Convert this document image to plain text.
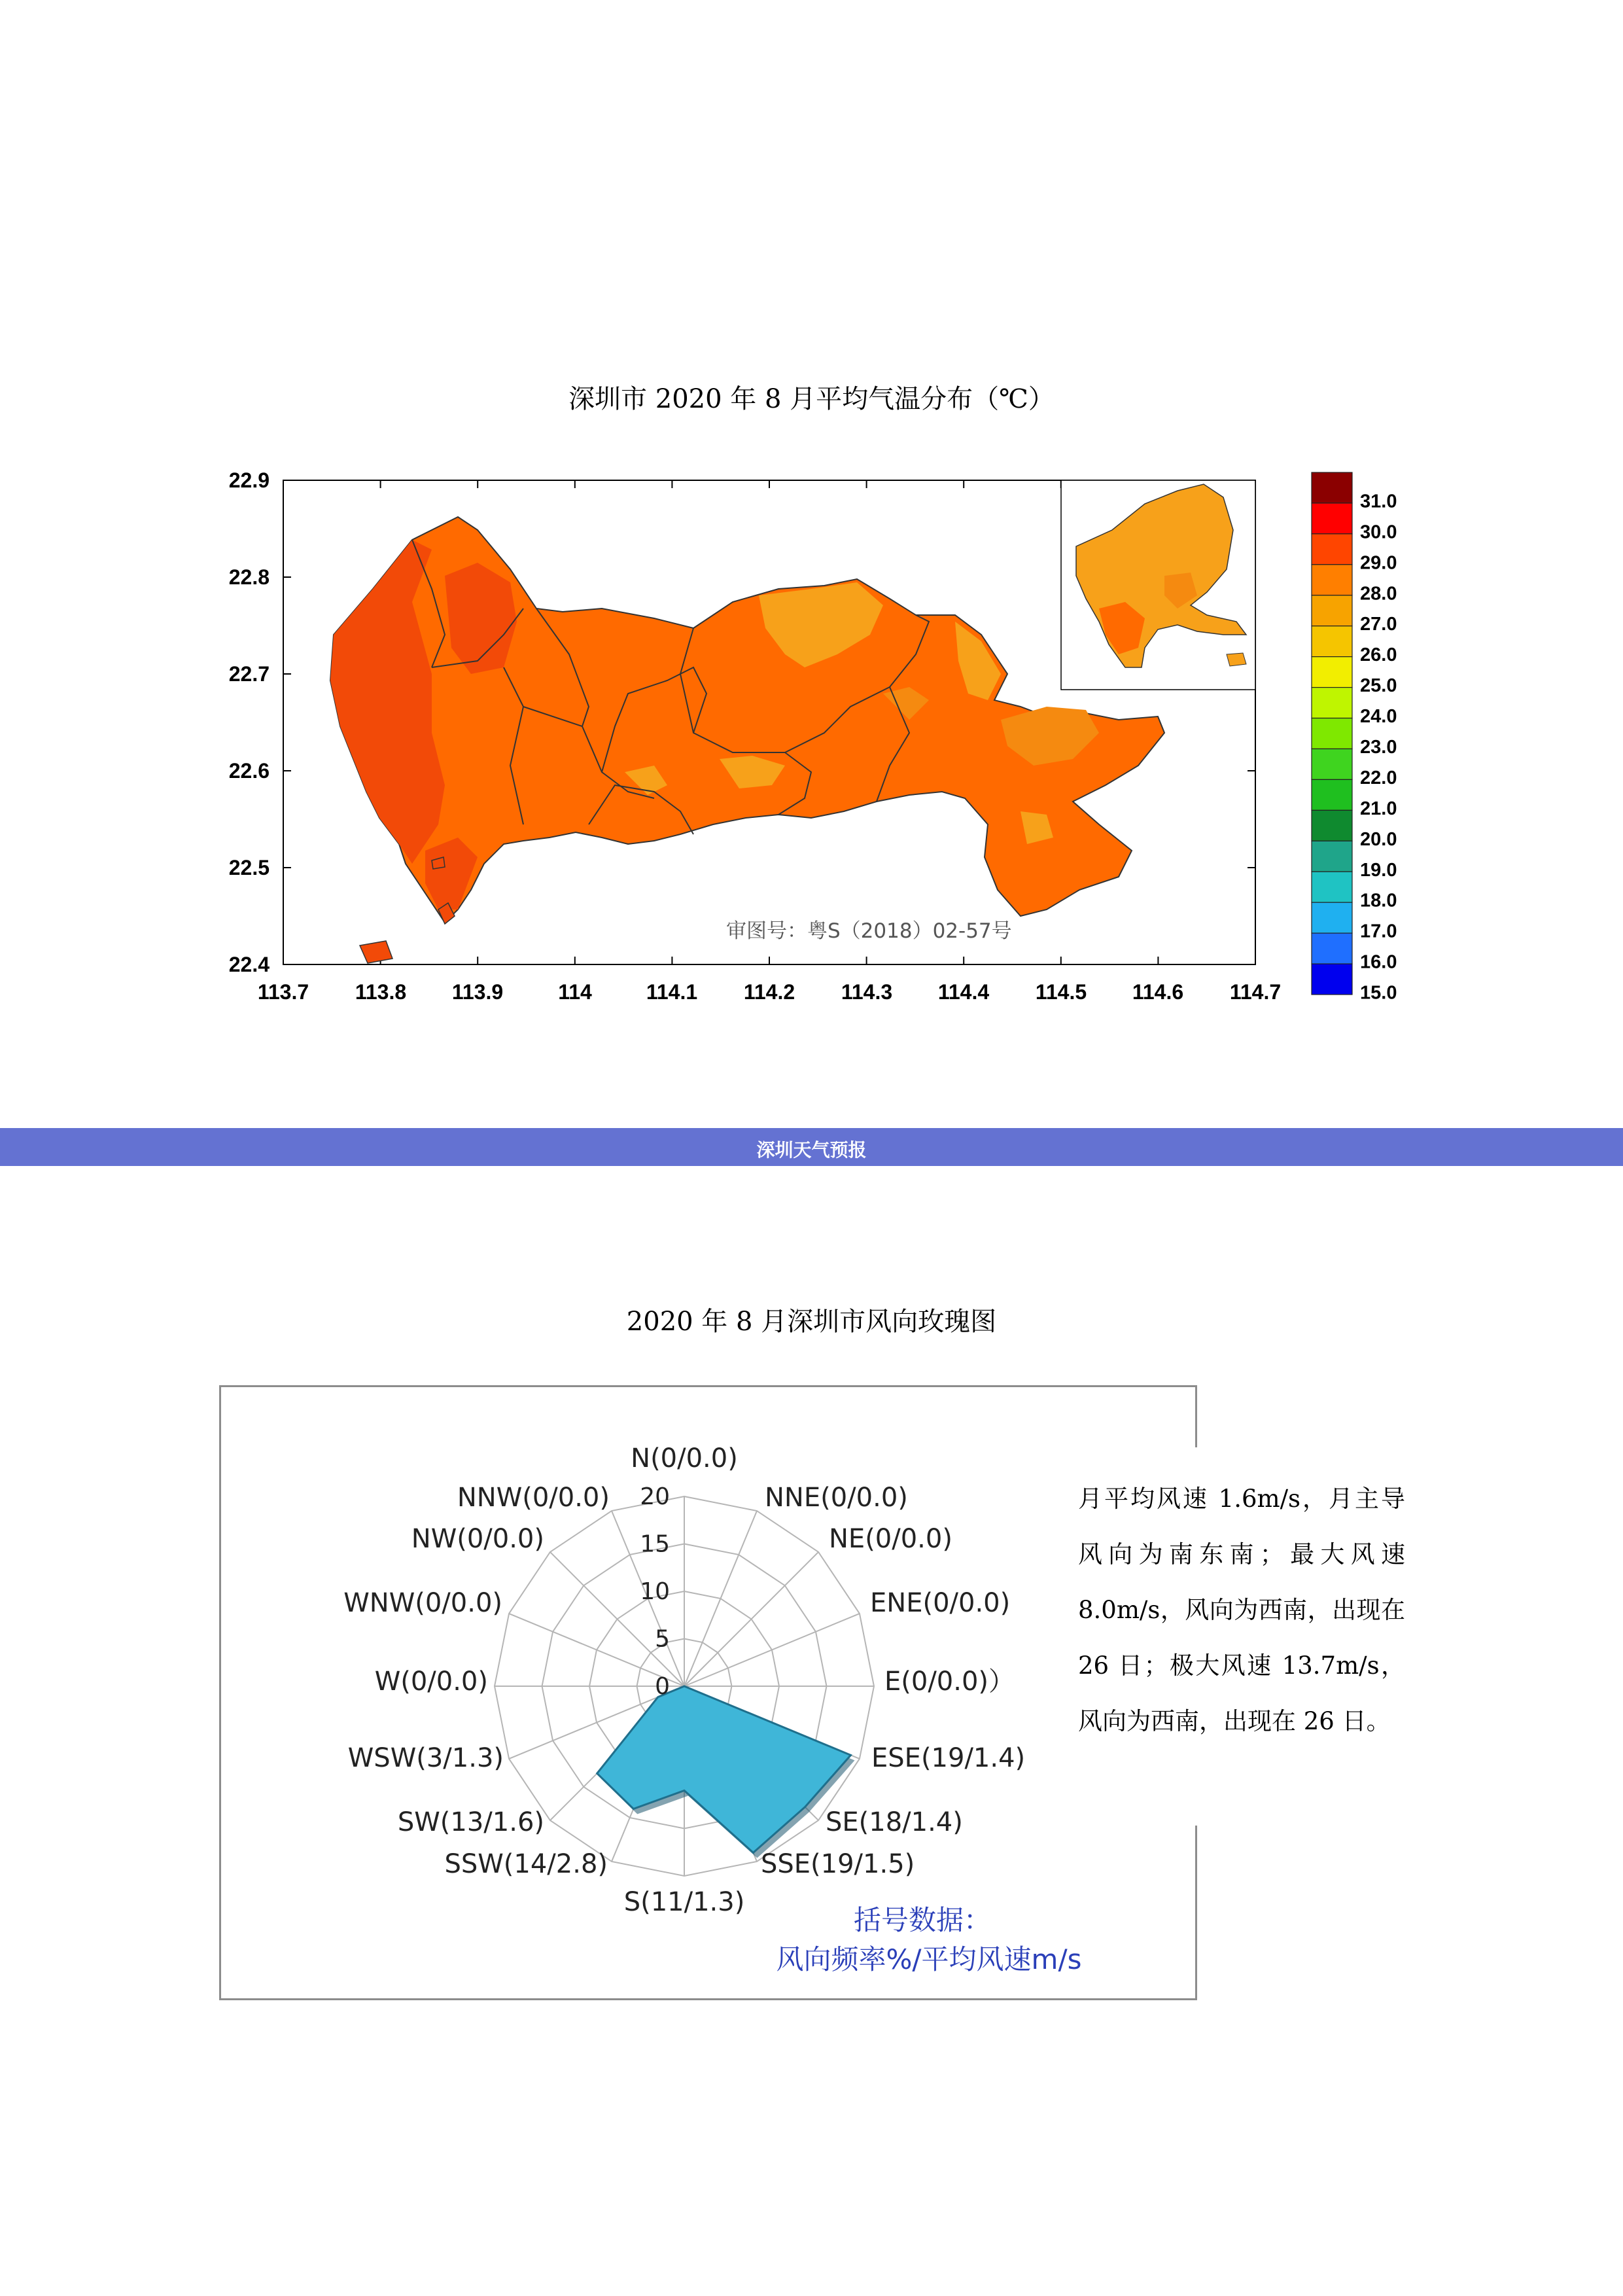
深圳市 2020 年 8 月平均气温分布（℃）
113.7 113.8 113.9	114	114.1 114.2 114.3 114.4 114.5 114.6 114.7
22.9
22.8
22.7
22.6
22.5
22.4
审图号：粤S（2018）02-57号
31.0
30.0
29.0
28.0
27.0
26.0
25.0
24.0
23.0
22.0
21.0
20.0
19.0
18.0
17.0
16.0
15.0
深圳天气预报
2020 年 8 月深圳市风向玫瑰图
0
5
10
15
20
N(0/0.0)
NNE(0/0.0)
NE(0/0.0)
ENE(0/0.0)
E(0/0.0)）
ESE(19/1.4)
SE(18/1.4)
SSE(19/1.5)
S(11/1.3)
SSW(14/2.8)
SW(13/1.6)
WSW(3/1.3)
W(0/0.0)
WNW(0/0.0)
NW(0/0.0)
NNW(0/0.0)
括号数据：
风向频率%/平均风速m/s
月平均风速 1.6m/s，月主导风向为南东南；最大风速 8.0m/s，风向为西南，出现在 26 日；极大风速 13.7m/s，风向为西南，出现在 26 日。
